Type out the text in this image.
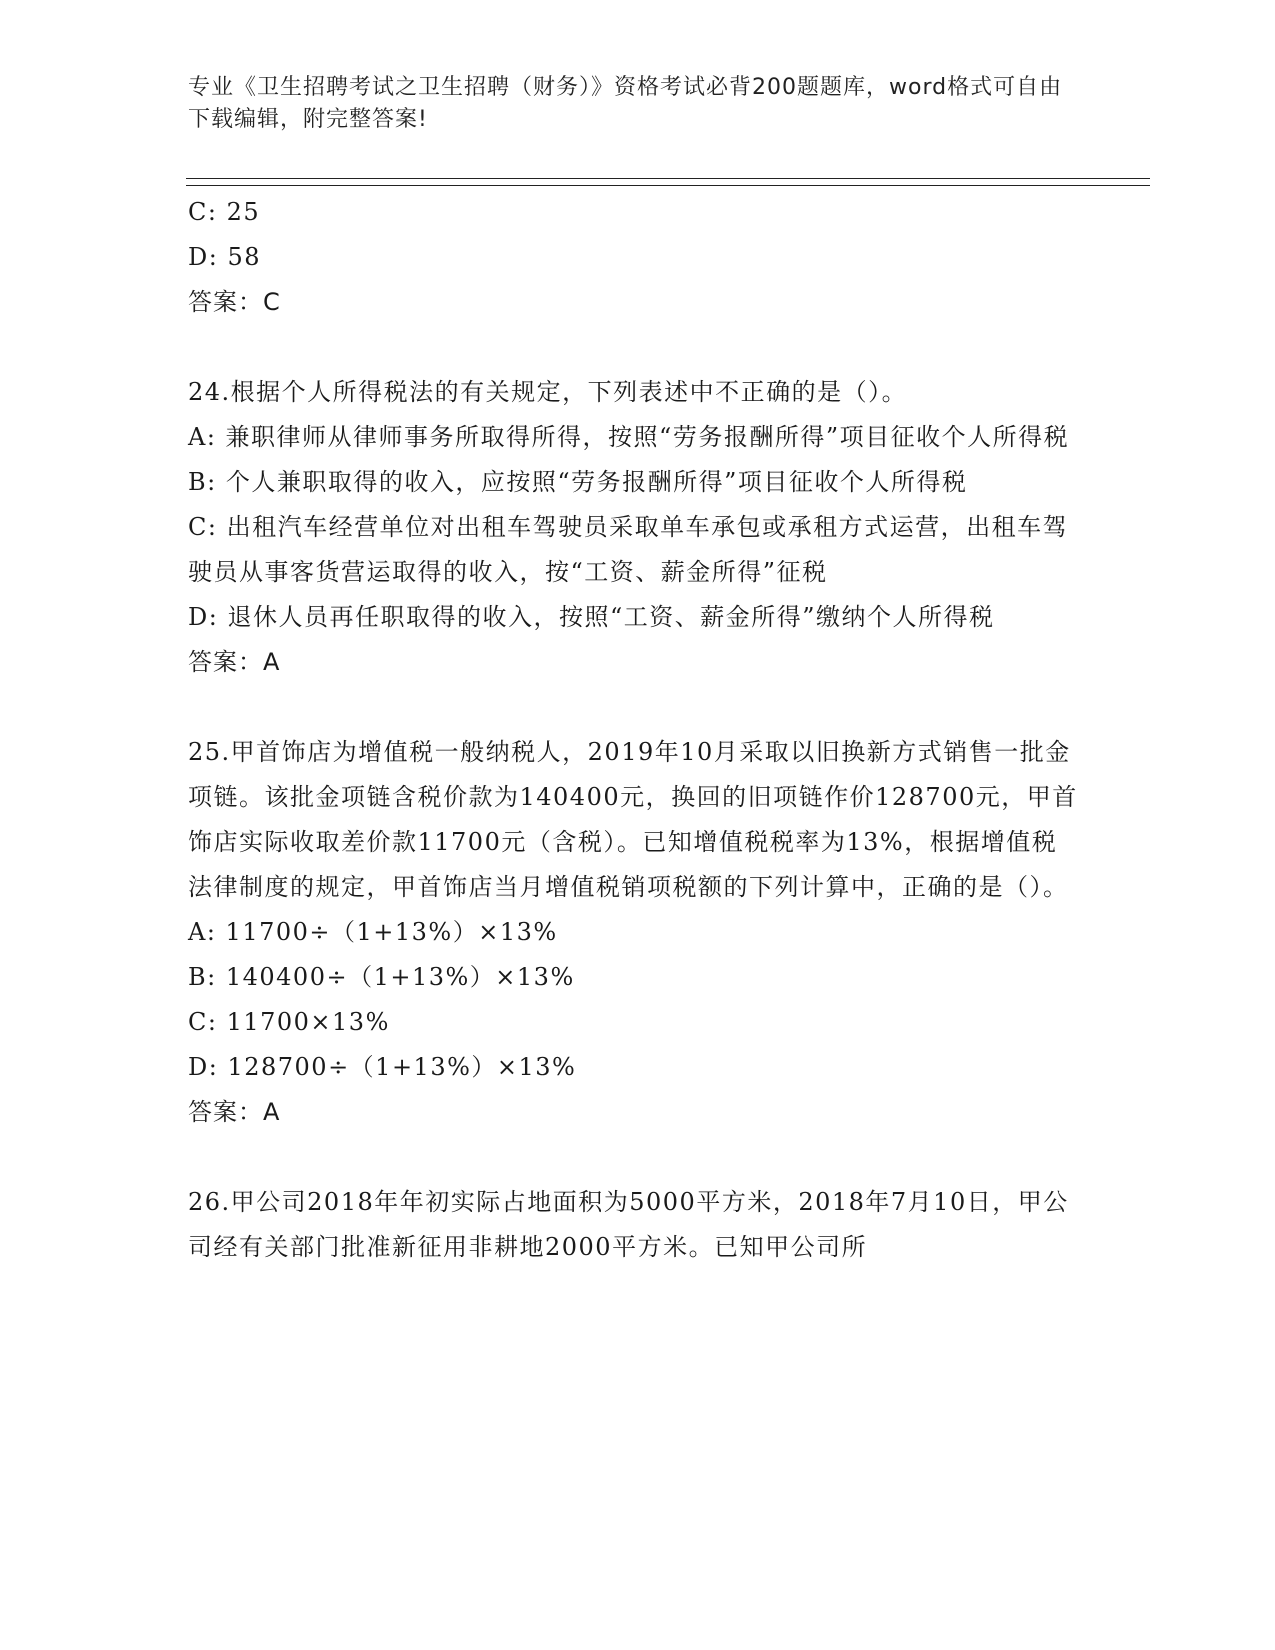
专业《卫生招聘考试之卫生招聘（财务）》资格考试必背200题题库，word格式可自由下载编辑，附完整答案!

C: 25

D: 58

答案：C

24.根据个人所得税法的有关规定，下列表述中不正确的是（）。

A: 兼职律师从律师事务所取得所得，按照“劳务报酬所得”项目征收个人所得税

B: 个人兼职取得的收入，应按照“劳务报酬所得”项目征收个人所得税

C: 出租汽车经营单位对出租车驾驶员采取单车承包或承租方式运营，出租车驾驶员从事客货营运取得的收入，按“工资、薪金所得”征税

D: 退休人员再任职取得的收入，按照“工资、薪金所得”缴纳个人所得税

答案：A

25.甲首饰店为增值税一般纳税人，2019年10月采取以旧换新方式销售一批金项链。该批金项链含税价款为140400元，换回的旧项链作价128700元，甲首饰店实际收取差价款11700元（含税）。已知增值税税率为13%，根据增值税法律制度的规定，甲首饰店当月增值税销项税额的下列计算中，正确的是（）。

A: 11700÷（1+13%）×13%

B: 140400÷（1+13%）×13%

C: 11700×13%

D: 128700÷（1+13%）×13%

答案：A

26.甲公司2018年年初实际占地面积为5000平方米，2018年7月10日，甲公司经有关部门批准新征用非耕地2000平方米。已知甲公司所
